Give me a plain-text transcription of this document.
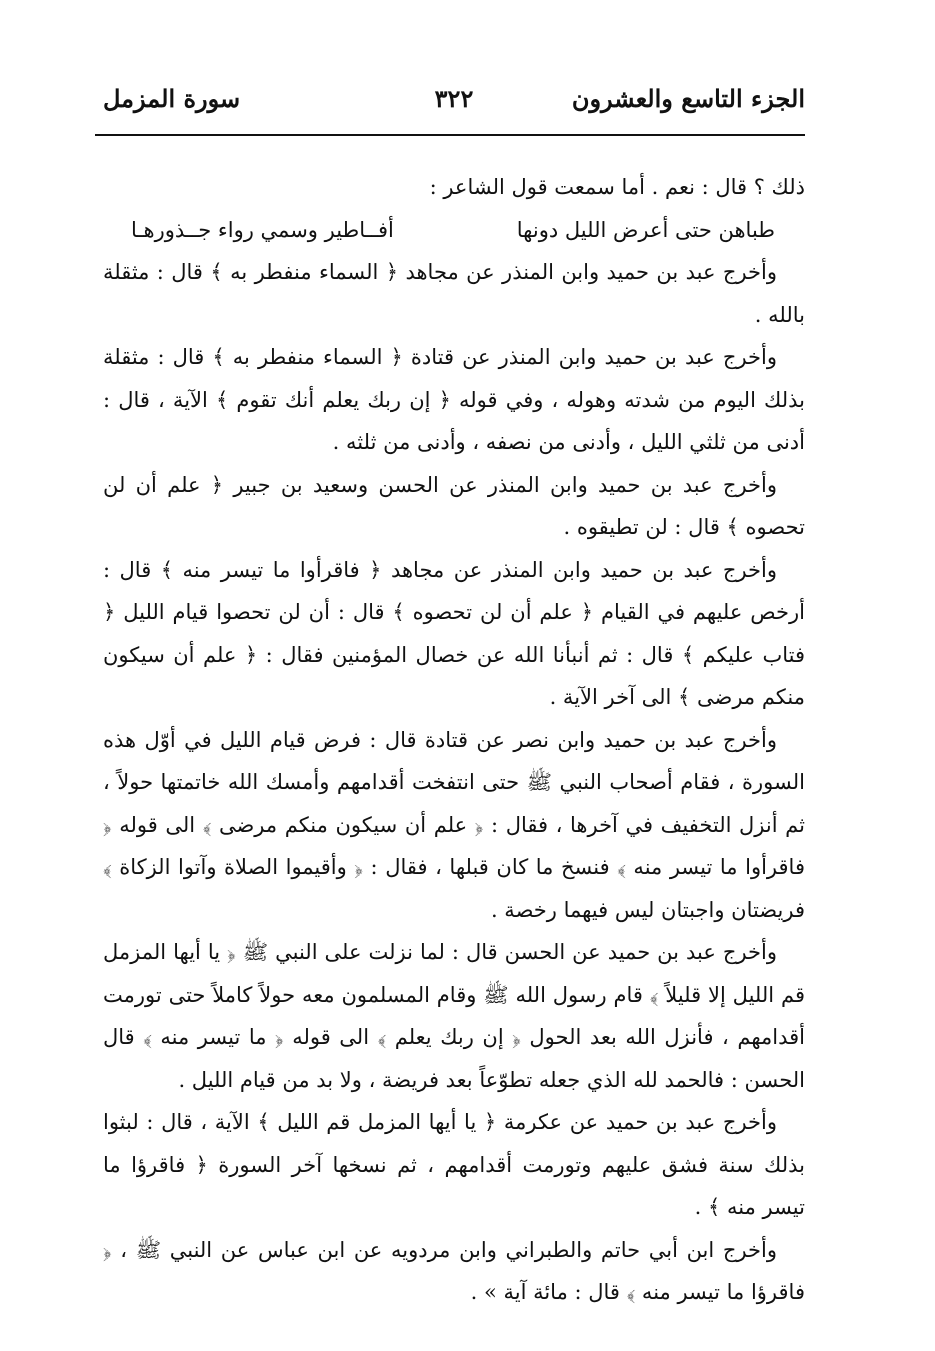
الجزء التاسع والعشرون
٣٢٢
سورة المزمل

ذلك ؟ قال : نعم . أما سمعت قول الشاعر :

طباهن حتى أعرض الليل دونها
أفــاطير وسمي رواء جــذورهـا

وأخرج عبد بن حميد وابن المنذر عن مجاهد ﴿ السماء منفطر به ﴾ قال : مثقلة بالله .

وأخرج عبد بن حميد وابن المنذر عن قتادة ﴿ السماء منفطر به ﴾ قال : مثقلة بذلك اليوم من شدته وهوله ، وفي قوله ﴿ إن ربك يعلم أنك تقوم ﴾ الآية ، قال : أدنى من ثلثي الليل ، وأدنى من نصفه ، وأدنى من ثلثه .

وأخرج عبد بن حميد وابن المنذر عن الحسن وسعيد بن جبير ﴿ علم أن لن تحصوه ﴾ قال : لن تطيقوه .

وأخرج عبد بن حميد وابن المنذر عن مجاهد ﴿ فاقرأوا ما تيسر منه ﴾ قال : أرخص عليهم في القيام ﴿ علم أن لن تحصوه ﴾ قال : أن لن تحصوا قيام الليل ﴿ فتاب عليكم ﴾ قال : ثم أنبأنا الله عن خصال المؤمنين فقال : ﴿ علم أن سيكون منكم مرضى ﴾ الى آخر الآية .

وأخرج عبد بن حميد وابن نصر عن قتادة قال : فرض قيام الليل في أوّل هذه السورة ، فقام أصحاب النبي ﷺ حتى انتفخت أقدامهم وأمسك الله خاتمتها حولاً ، ثم أنزل التخفيف في آخرها ، فقال : ﴿ علم أن سيكون منكم مرضى ﴾ الى قوله ﴿ فاقرأوا ما تيسر منه ﴾ فنسخ ما كان قبلها ، فقال : ﴿ وأقيموا الصلاة وآتوا الزكاة ﴾ فريضتان واجبتان ليس فيهما رخصة .

وأخرج عبد بن حميد عن الحسن قال : لما نزلت على النبي ﷺ ﴿ يا أيها المزمل قم الليل إلا قليلاً ﴾ قام رسول الله ﷺ وقام المسلمون معه حولاً كاملاً حتى تورمت أقدامهم ، فأنزل الله بعد الحول ﴿ إن ربك يعلم ﴾ الى قوله ﴿ ما تيسر منه ﴾ قال الحسن : فالحمد لله الذي جعله تطوّعاً بعد فريضة ، ولا بد من قيام الليل .

وأخرج عبد بن حميد عن عكرمة ﴿ يا أيها المزمل قم الليل ﴾ الآية ، قال : لبثوا بذلك سنة فشق عليهم وتورمت أقدامهم ، ثم نسخها آخر السورة ﴿ فاقرؤا ما تيسر منه ﴾ .

وأخرج ابن أبي حاتم والطبراني وابن مردويه عن ابن عباس عن النبي ﷺ ، ﴿ فاقرؤا ما تيسر منه ﴾ قال : مائة آية » .
